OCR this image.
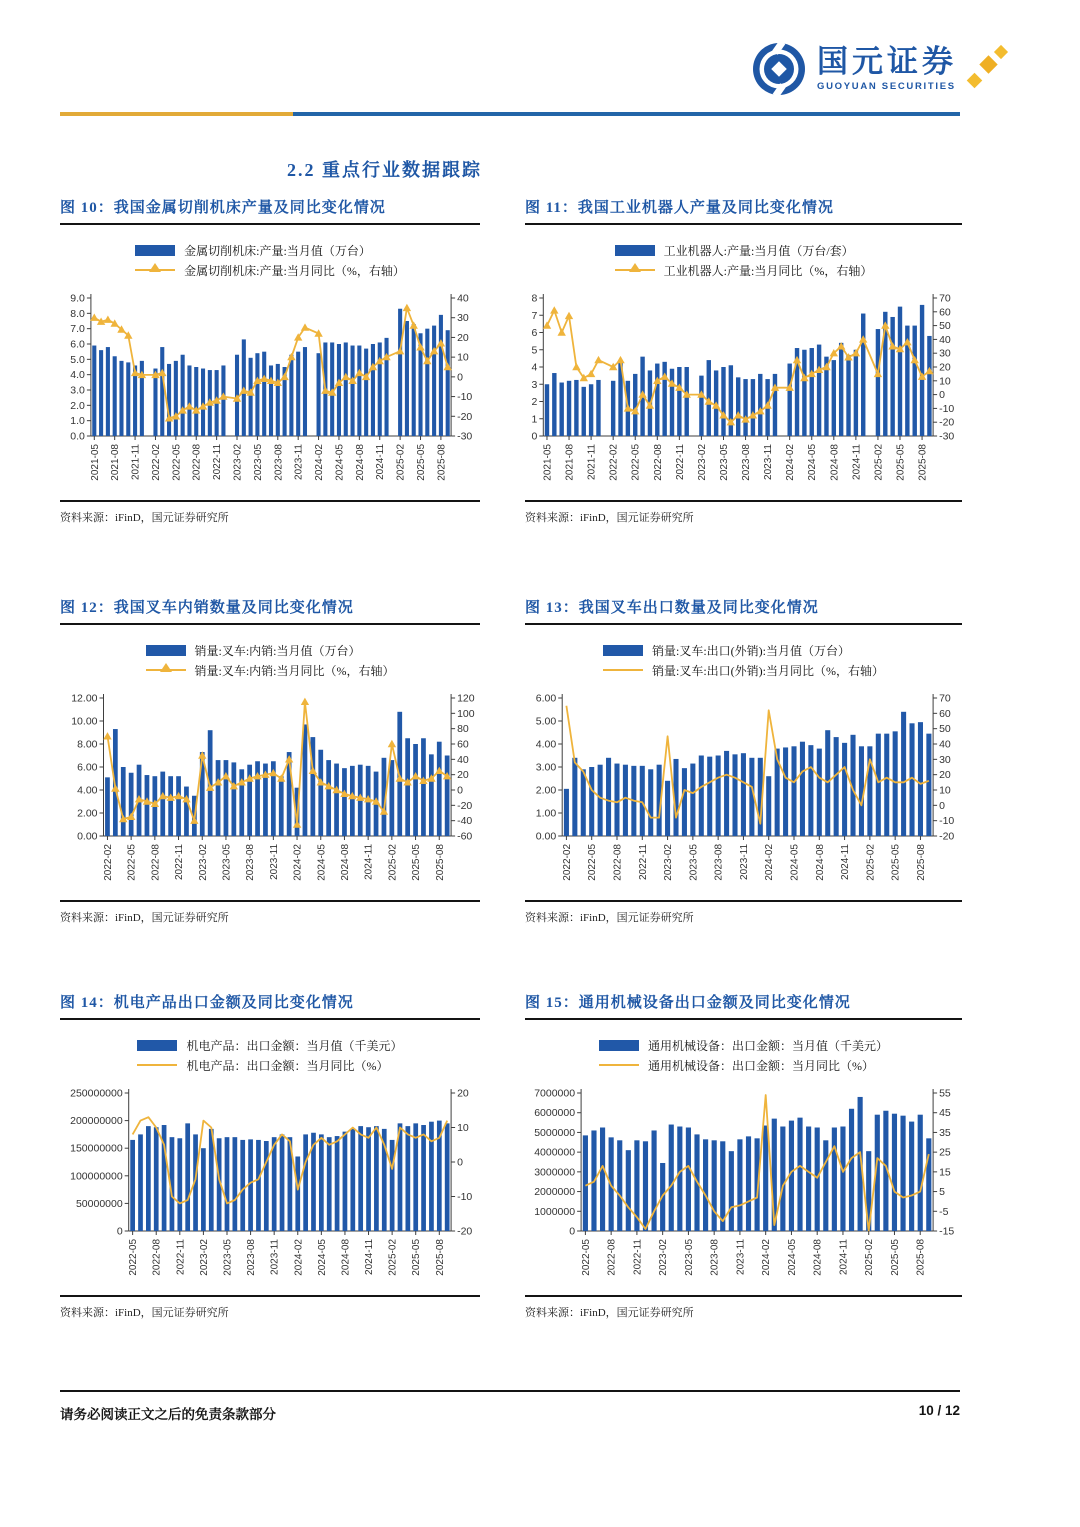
国元证券
GUOYUAN SECURITIES
2.2 重点行业数据跟踪
图 10：我国金属切削机床产量及同比变化情况
金属切削机床:产量:当月值（万台）
金属切削机床:产量:当月同比（%，右轴）
0.0
1.0
2.0
3.0
4.0
5.0
6.0
7.0
8.0
9.0
-30
-20
-10
0
10
20
30
40
2021-05 2021-08 2021-11 2022-02 2022-05 2022-08 2022-11 2023-02 2023-05 2023-08 2023-11 2024-02 2024-05 2024-08 2024-11 2025-02 2025-05 2025-08
资料来源：iFinD，国元证券研究所
图 11：我国工业机器人产量及同比变化情况
工业机器人:产量:当月值（万台/套）
工业机器人:产量:当月同比（%，右轴）
0
1
2
3
4
5
6
7
8
-30
-20
-10
0
10
20
30
40
50
60
70
2021-05 2021-08 2021-11 2022-02 2022-05 2022-08 2022-11 2023-02 2023-05 2023-08 2023-11 2024-02 2024-05 2024-08 2024-11 2025-02 2025-05 2025-08
资料来源：iFinD，国元证券研究所
图 12：我国叉车内销数量及同比变化情况
销量:叉车:内销:当月值（万台）
销量:叉车:内销:当月同比（%，右轴）
0.00
2.00
4.00
6.00
8.00
10.00
12.00
-60
-40
-20
0
20
40
60
80
100
120
2022-02 2022-05 2022-08 2022-11 2023-02 2023-05 2023-08 2023-11 2024-02 2024-05 2024-08 2024-11 2025-02 2025-05 2025-08
资料来源：iFinD，国元证券研究所
图 13：我国叉车出口数量及同比变化情况
销量:叉车:出口(外销):当月值（万台）
销量:叉车:出口(外销):当月同比（%，右轴）
0.00
1.00
2.00
3.00
4.00
5.00
6.00
-20
-10
0
10
20
30
40
50
60
70
2022-02 2022-05 2022-08 2022-11 2023-02 2023-05 2023-08 2023-11 2024-02 2024-05 2024-08 2024-11 2025-02 2025-05 2025-08
资料来源：iFinD，国元证券研究所
图 14：机电产品出口金额及同比变化情况
机电产品：出口金额：当月值（千美元）
机电产品：出口金额：当月同比（%）
0
50000000
100000000
150000000
200000000
250000000
-20
-10
0
10
20
2022-05 2022-08 2022-11 2023-02 2023-05 2023-08 2023-11 2024-02 2024-05 2024-08 2024-11 2025-02 2025-05 2025-08
资料来源：iFinD，国元证券研究所
图 15：通用机械设备出口金额及同比变化情况
通用机械设备：出口金额：当月值（千美元）
通用机械设备：出口金额：当月同比（%）
0
1000000
2000000
3000000
4000000
5000000
6000000
7000000
-15
-5
5
15
25
35
45
55
2022-05 2022-08 2022-11 2023-02 2023-05 2023-08 2023-11 2024-02 2024-05 2024-08 2024-11 2025-02 2025-05 2025-08
资料来源：iFinD，国元证券研究所
请务必阅读正文之后的免责条款部分	10 / 12
